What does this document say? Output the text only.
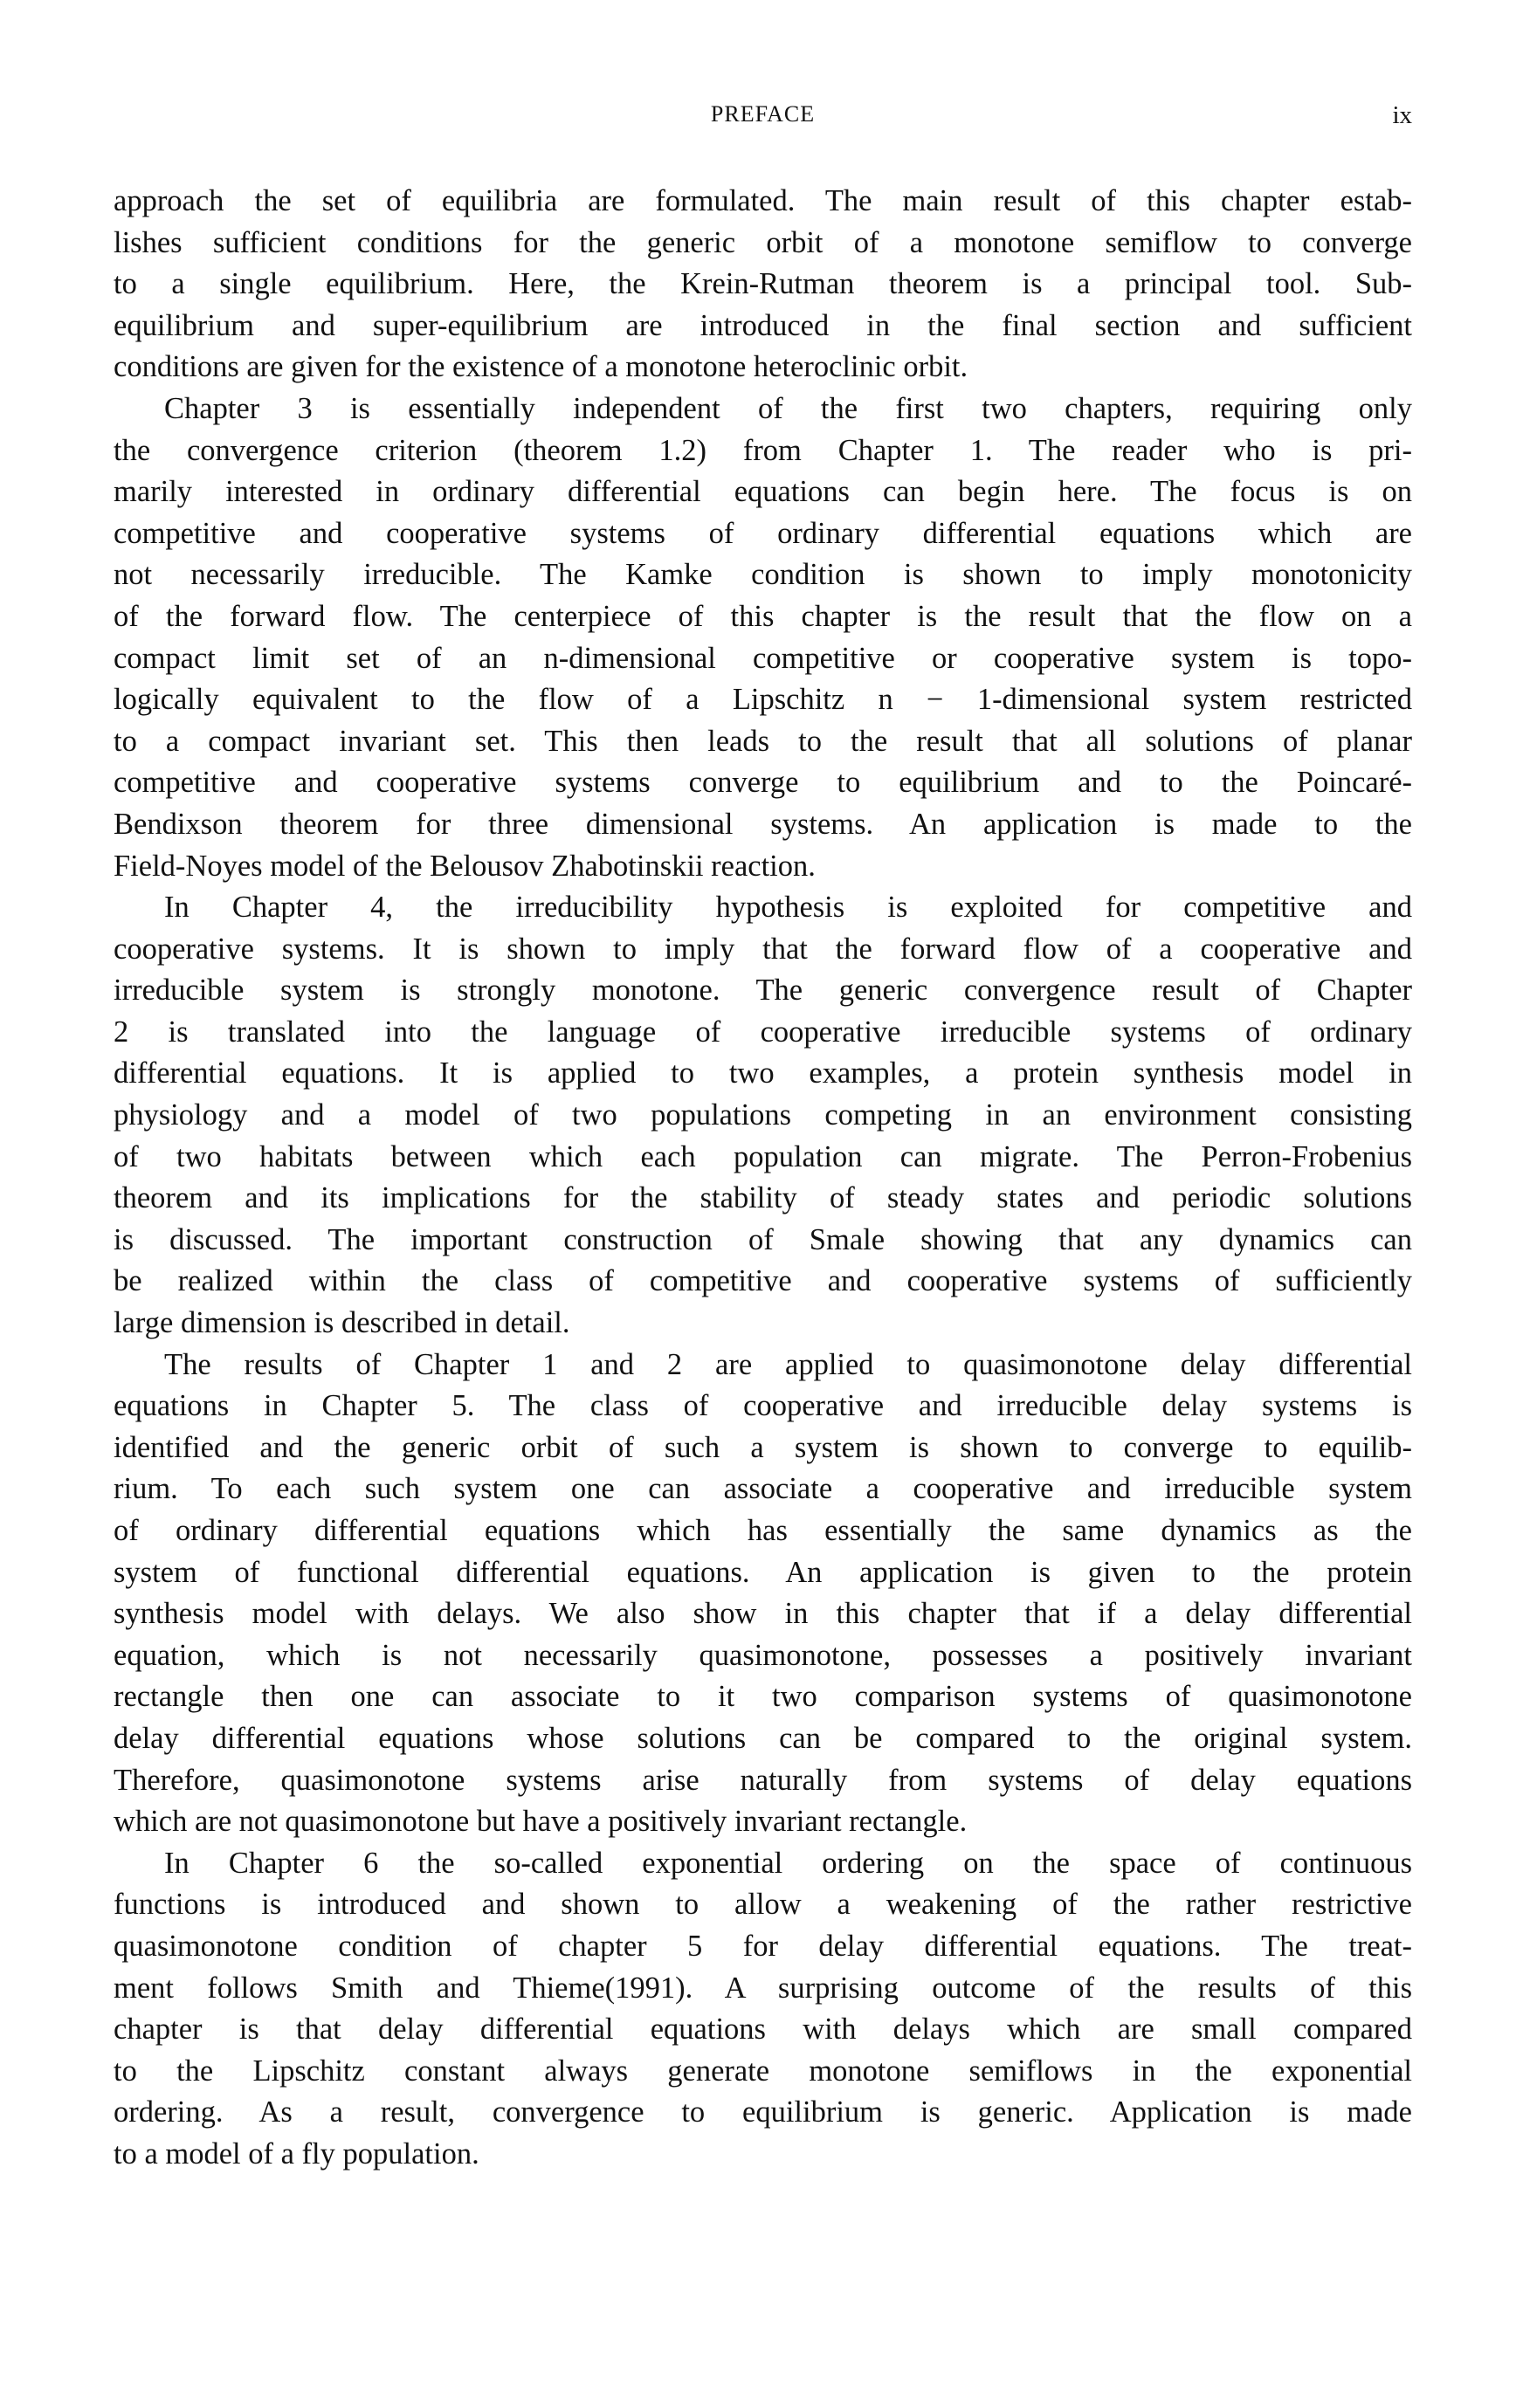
PREFACE	ix
approach the set of equilibria are formulated. The main result of this chapter estab-
lishes sufficient conditions for the generic orbit of a monotone semiflow to converge
to a single equilibrium. Here, the Krein-Rutman theorem is a principal tool. Sub-
equilibrium and super-equilibrium are introduced in the final section and sufficient
conditions are given for the existence of a monotone heteroclinic orbit.
Chapter 3 is essentially independent of the first two chapters, requiring only
the convergence criterion (theorem 1.2) from Chapter 1. The reader who is pri-
marily interested in ordinary differential equations can begin here. The focus is on
competitive and cooperative systems of ordinary differential equations which are
not necessarily irreducible. The Kamke condition is shown to imply monotonicity
of the forward flow. The centerpiece of this chapter is the result that the flow on a
compact limit set of an n-dimensional competitive or cooperative system is topo-
logically equivalent to the flow of a Lipschitz n − 1-dimensional system restricted
to a compact invariant set. This then leads to the result that all solutions of planar
competitive and cooperative systems converge to equilibrium and to the Poincaré-
Bendixson theorem for three dimensional systems. An application is made to the
Field-Noyes model of the Belousov Zhabotinskii reaction.
In Chapter 4, the irreducibility hypothesis is exploited for competitive and
cooperative systems. It is shown to imply that the forward flow of a cooperative and
irreducible system is strongly monotone. The generic convergence result of Chapter
2 is translated into the language of cooperative irreducible systems of ordinary
differential equations. It is applied to two examples, a protein synthesis model in
physiology and a model of two populations competing in an environment consisting
of two habitats between which each population can migrate. The Perron-Frobenius
theorem and its implications for the stability of steady states and periodic solutions
is discussed. The important construction of Smale showing that any dynamics can
be realized within the class of competitive and cooperative systems of sufficiently
large dimension is described in detail.
The results of Chapter 1 and 2 are applied to quasimonotone delay differential
equations in Chapter 5. The class of cooperative and irreducible delay systems is
identified and the generic orbit of such a system is shown to converge to equilib-
rium. To each such system one can associate a cooperative and irreducible system
of ordinary differential equations which has essentially the same dynamics as the
system of functional differential equations. An application is given to the protein
synthesis model with delays. We also show in this chapter that if a delay differential
equation, which is not necessarily quasimonotone, possesses a positively invariant
rectangle then one can associate to it two comparison systems of quasimonotone
delay differential equations whose solutions can be compared to the original system.
Therefore, quasimonotone systems arise naturally from systems of delay equations
which are not quasimonotone but have a positively invariant rectangle.
In Chapter 6 the so-called exponential ordering on the space of continuous
functions is introduced and shown to allow a weakening of the rather restrictive
quasimonotone condition of chapter 5 for delay differential equations. The treat-
ment follows Smith and Thieme(1991). A surprising outcome of the results of this
chapter is that delay differential equations with delays which are small compared
to the Lipschitz constant always generate monotone semiflows in the exponential
ordering. As a result, convergence to equilibrium is generic. Application is made
to a model of a fly population.
